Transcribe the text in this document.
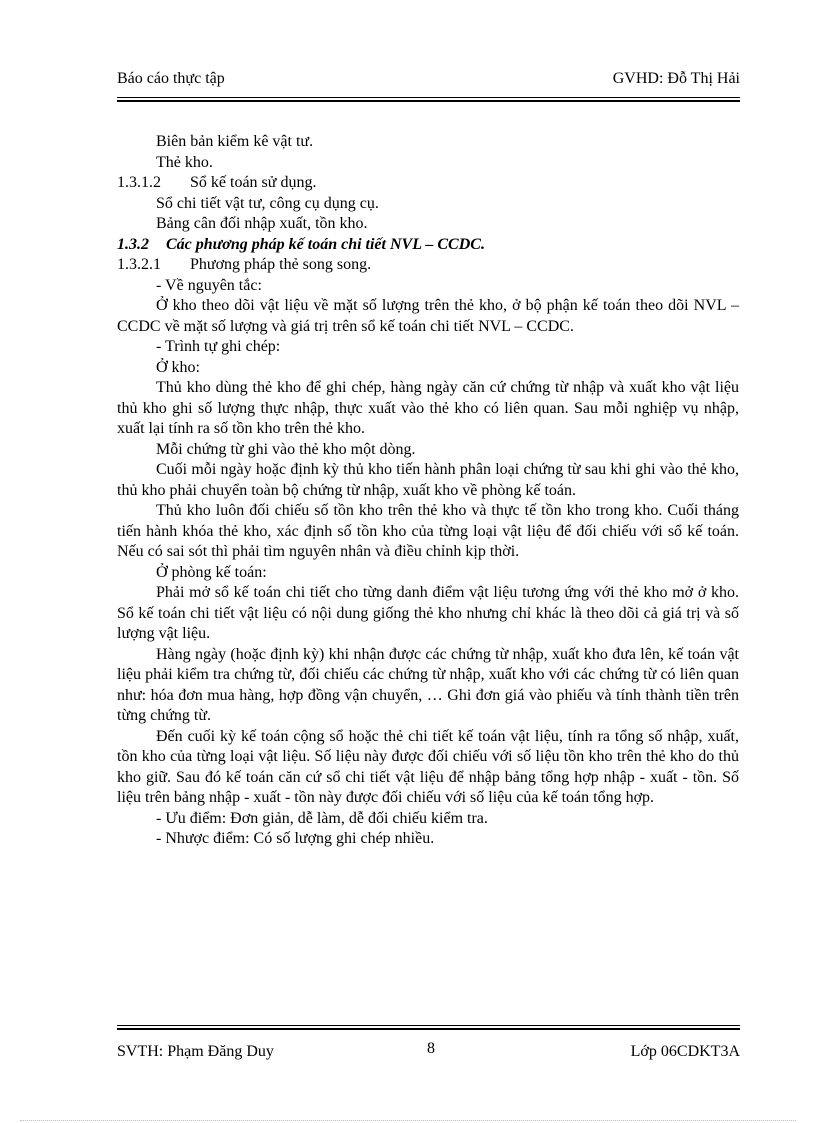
Báo cáo thực tập	GVHD: Đỗ Thị Hải

Biên bản kiểm kê vật tư.

Thẻ kho.

1.3.1.2	Sổ kế toán sử dụng.

Sổ chi tiết vật tư, công cụ dụng cụ.

Bảng cân đối nhập xuất, tồn kho.

1.3.2 Các phương pháp kế toán chi tiết NVL – CCDC.

1.3.2.1	Phương pháp thẻ song song.

- Về nguyên tắc:

Ở kho theo dõi vật liệu về mặt số lượng trên thẻ kho, ở bộ phận kế toán theo dõi NVL – CCDC về mặt số lượng và giá trị trên sổ kế toán chi tiết NVL – CCDC.

- Trình tự ghi chép:

Ở kho:

Thủ kho dùng thẻ kho để ghi chép, hàng ngày căn cứ chứng từ nhập và xuất kho vật liệu thủ kho ghi số lượng thực nhập, thực xuất vào thẻ kho có liên quan. Sau mỗi nghiệp vụ nhập, xuất lại tính ra số tồn kho trên thẻ kho.

Mỗi chứng từ ghi vào thẻ kho một dòng.

Cuối mỗi ngày hoặc định kỳ thủ kho tiến hành phân loại chứng từ sau khi ghi vào thẻ kho, thủ kho phải chuyển toàn bộ chứng từ nhập, xuất kho về phòng kế toán.

Thủ kho luôn đối chiếu số tồn kho trên thẻ kho và thực tế tồn kho trong kho. Cuối tháng tiến hành khóa thẻ kho, xác định số tồn kho của từng loại vật liệu để đối chiếu với sổ kế toán. Nếu có sai sót thì phải tìm nguyên nhân và điều chỉnh kịp thời.

Ở phòng kế toán:

Phải mở sổ kế toán chi tiết cho từng danh điểm vật liệu tương ứng với thẻ kho mở ở kho. Sổ kế toán chi tiết vật liệu có nội dung giống thẻ kho nhưng chỉ khác là theo dõi cả giá trị và số lượng vật liệu.

Hàng ngày (hoặc định kỳ) khi nhận được các chứng từ nhập, xuất kho đưa lên, kế toán vật liệu phải kiểm tra chứng từ, đối chiếu các chứng từ nhập, xuất kho với các chứng từ có liên quan như: hóa đơn mua hàng, hợp đồng vận chuyển, … Ghi đơn giá vào phiếu và tính thành tiền trên từng chứng từ.

Đến cuối kỳ kế toán cộng sổ hoặc thẻ chi tiết kế toán vật liệu, tính ra tổng số nhập, xuất, tồn kho của từng loại vật liệu. Số liệu này được đối chiếu với số liệu tồn kho trên thẻ kho do thủ kho giữ. Sau đó kế toán căn cứ sổ chi tiết vật liệu để nhập bảng tổng hợp nhập - xuất - tồn. Số liệu trên bảng nhập - xuất - tồn này được đối chiếu với số liệu của kế toán tổng hợp.

- Ưu điểm: Đơn giản, dễ làm, dễ đối chiếu kiểm tra.

- Nhược điểm: Có số lượng ghi chép nhiều.

SVTH: Phạm Đăng Duy	8	Lớp 06CDKT3A
